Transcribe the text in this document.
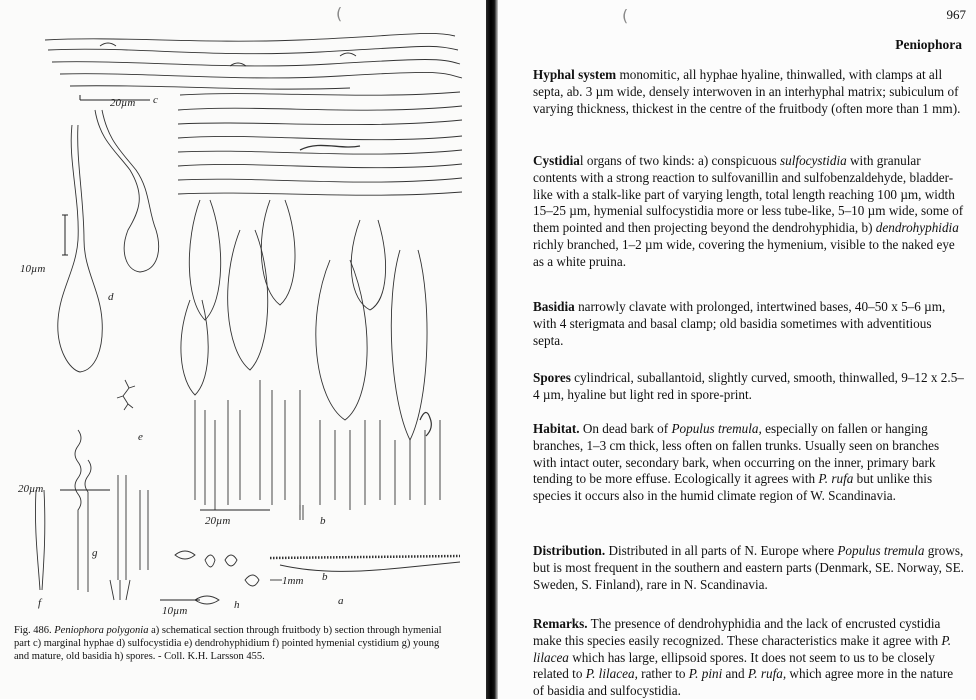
c
d
e
f
g
h
b
a
b
20µm
10µm
20µm
20µm
10µm
1mm
Fig. 486. Peniophora polygonia a) schematical section through fruitbody b) section through hymenial part c) marginal hyphae d) sulfocystidia e) dendrohyphidium f) pointed hymenial cystidium g) young and mature, old basidia h) spores. - Coll. K.H. Larsson 455.
(	(	967
Peniophora

Hyphal system monomitic, all hyphae hyaline, thinwalled, with clamps at all septa, ab. 3 µm wide, densely interwoven in an interhyphal matrix; subiculum of varying thickness, thickest in the centre of the fruitbody (often more than 1 mm).

Cystidial organs of two kinds: a) conspicuous sulfocystidia with granular contents with a strong reaction to sulfovanillin and sulfobenzaldehyde, bladder-like with a stalk-like part of varying length, total length reaching 100 µm, width 15–25 µm, hymenial sulfocystidia more or less tube-like, 5–10 µm wide, some of them pointed and then projecting beyond the dendrohyphidia, b) dendrohyphidia richly branched, 1–2 µm wide, covering the hymenium, visible to the naked eye as a white pruina.

Basidia narrowly clavate with prolonged, intertwined bases, 40–50 x 5–6 µm, with 4 sterigmata and basal clamp; old basidia sometimes with adventitious septa.

Spores cylindrical, suballantoid, slightly curved, smooth, thinwalled, 9–12 x 2.5–4 µm, hyaline but light red in spore-print.

Habitat. On dead bark of Populus tremula, especially on fallen or hanging branches, 1–3 cm thick, less often on fallen trunks. Usually seen on branches with intact outer, secondary bark, when occurring on the inner, primary bark tending to be more effuse. Ecologically it agrees with P. rufa but unlike this species it occurs also in the humid climate region of W. Scandinavia.

Distribution. Distributed in all parts of N. Europe where Populus tremula grows, but is most frequent in the southern and eastern parts (Denmark, SE. Norway, SE. Sweden, S. Finland), rare in N. Scandinavia.

Remarks. The presence of dendrohyphidia and the lack of encrusted cystidia make this species easily recognized. These characteristics make it agree with P. lilacea which has large, ellipsoid spores. It does not seem to us to be closely related to P. lilacea, rather to P. pini and P. rufa, which agree more in the nature of basidia and sulfocystidia.
